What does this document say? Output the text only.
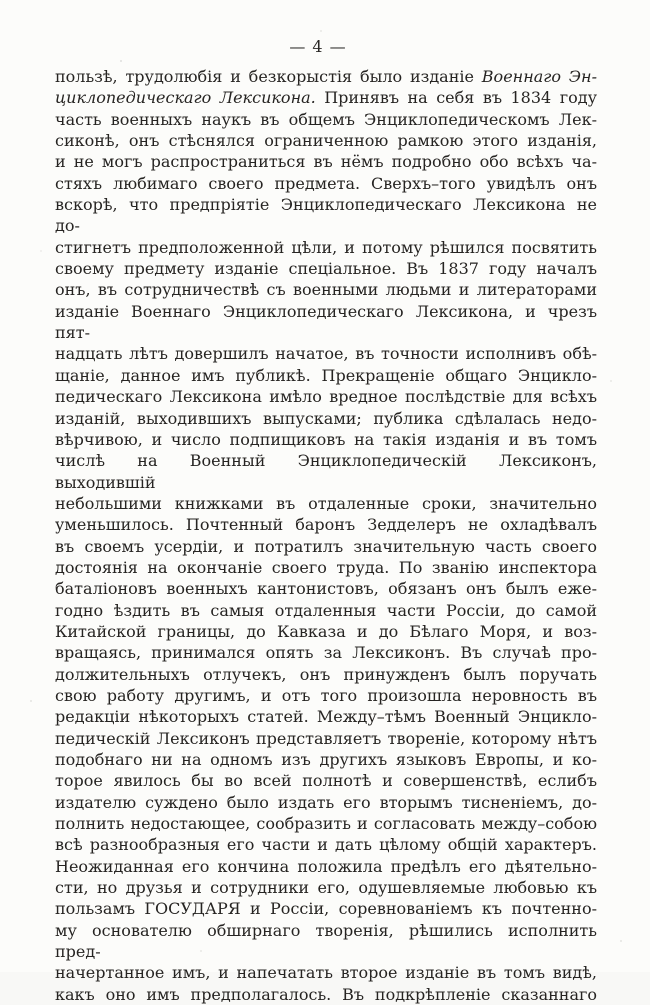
— 4 —
пользѣ, трудолюбія и безкорыстія было изданіе Военнаго Эн-
циклопедическаго Лексикона. Принявъ на себя въ 1834 году
часть военныхъ наукъ въ общемъ Энциклопедическомъ Лек-
сиконѣ, онъ стѣснялся ограниченною рамкою этого изданія,
и не могъ распространиться въ нёмъ подробно обо всѣхъ ча-
стяхъ любимаго своего предмета. Сверхъ–того увидѣлъ онъ
вскорѣ, что предпріятіе Энциклопедическаго Лексикона не до-
стигнетъ предположенной цѣли, и потому рѣшился посвятить
своему предмету изданіе спеціальное. Въ 1837 году началъ
онъ, въ сотрудничествѣ съ военными людьми и литераторами
изданіе Военнаго Энциклопедическаго Лексикона, и чрезъ пят-
надцать лѣтъ довершилъ начатое, въ точности исполнивъ обѣ-
щаніе, данное имъ публикѣ. Прекращеніе общаго Энцикло-
педическаго Лексикона имѣло вредное послѣдствіе для всѣхъ
изданій, выходившихъ выпусками; публика сдѣлалась недо-
вѣрчивою, и число подпищиковъ на такія изданія и въ томъ
числѣ на Военный Энциклопедическій Лексиконъ, выходившій
небольшими книжками въ отдаленные сроки, значительно
уменьшилось. Почтенный баронъ Зедделеръ не охладѣвалъ
въ своемъ усердіи, и потратилъ значительную часть своего
достоянія на окончаніе своего труда. По званію инспектора
баталіоновъ военныхъ кантонистовъ, обязанъ онъ былъ еже-
годно ѣздить въ самыя отдаленныя части Россіи, до самой
Китайской границы, до Кавказа и до Бѣлаго Моря, и воз-
вращаясь, принимался опять за Лексиконъ. Въ случаѣ про-
должительныхъ отлучекъ, онъ принужденъ былъ поручать
свою работу другимъ, и отъ того произошла неровность въ
редакціи нѣкоторыхъ статей. Между–тѣмъ Военный Энцикло-
педическій Лексиконъ представляетъ твореніе, которому нѣтъ
подобнаго ни на одномъ изъ другихъ языковъ Европы, и ко-
торое явилось бы во всей полнотѣ и совершенствѣ, еслибъ
издателю суждено было издать его вторымъ тисненіемъ, до-
полнить недостающее, сообразить и согласовать между–собою
всѣ разнообразныя его части и дать цѣлому общій характеръ.
Неожиданная его кончина положила предѣлъ его дѣятельно-
сти, но друзья и сотрудники его, одушевляемые любовью къ
пользамъ ГОСУДАРЯ и Россіи, соревнованіемъ къ почтенно-
му основателю обширнаго творенія, рѣшились исполнить пред-
начертанное имъ, и напечатать второе изданіе въ томъ видѣ,
какъ оно имъ предполагалось. Въ подкрѣпленіе сказаннаго
